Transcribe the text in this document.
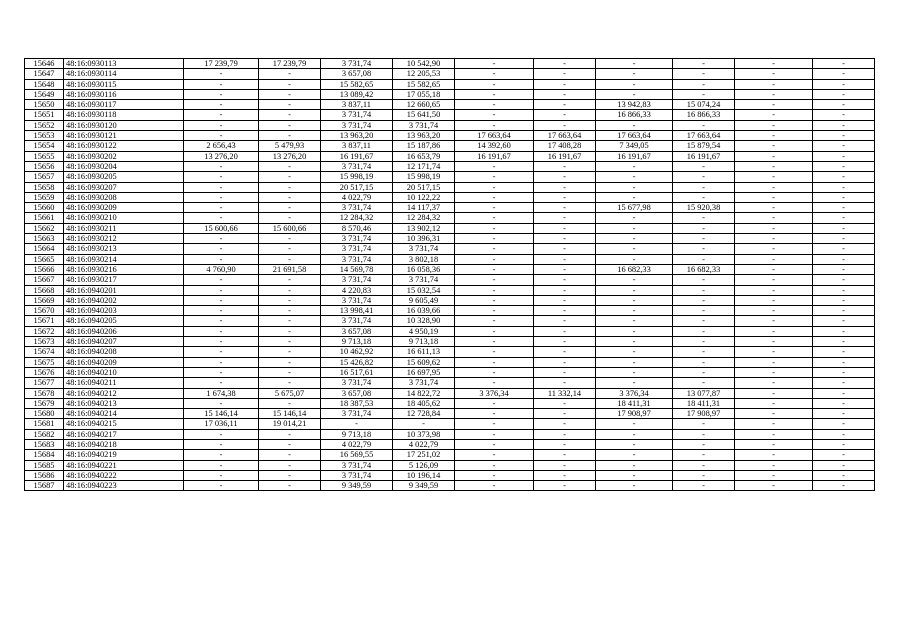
15646	48:16:0930113	17 239,79	17 239,79	3 731,74	10 542,90	-	-	-	-	-	-
15647	48:16:0930114	-	-	3 657,08	12 205,53	-	-	-	-	-	-
15648	48:16:0930115	-	-	15 582,65	15 582,65	-	-	-	-	-	-
15649	48:16:0930116	-	-	13 089,42	17 055,18	-	-	-	-	-	-
15650	48:16:0930117	-	-	3 837,11	12 660,65	-	-	13 942,83	15 074,24	-	-
15651	48:16:0930118	-	-	3 731,74	15 641,50	-	-	16 866,33	16 866,33	-	-
15652	48:16:0930120	-	-	3 731,74	3 731,74	-	-	-	-	-	-
15653	48:16:0930121	-	-	13 963,20	13 963,20	17 663,64	17 663,64	17 663,64	17 663,64	-	-
15654	48:16:0930122	2 656,43	5 479,93	3 837,11	15 187,86	14 392,60	17 408,28	7 349,05	15 879,54	-	-
15655	48:16:0930202	13 276,20	13 276,20	16 191,67	16 653,79	16 191,67	16 191,67	16 191,67	16 191,67	-	-
15656	48:16:0930204	-	-	3 731,74	12 171,74	-	-	-	-	-	-
15657	48:16:0930205	-	-	15 998,19	15 998,19	-	-	-	-	-	-
15658	48:16:0930207	-	-	20 517,15	20 517,15	-	-	-	-	-	-
15659	48:16:0930208	-	-	4 022,79	10 122,22	-	-	-	-	-	-
15660	48:16:0930209	-	-	3 731,74	14 117,37	-	-	15 677,98	15 920,38	-	-
15661	48:16:0930210	-	-	12 284,32	12 284,32	-	-	-	-	-	-
15662	48:16:0930211	15 600,66	15 600,66	8 570,46	13 902,12	-	-	-	-	-	-
15663	48:16:0930212	-	-	3 731,74	10 396,31	-	-	-	-	-	-
15664	48:16:0930213	-	-	3 731,74	3 731,74	-	-	-	-	-	-
15665	48:16:0930214	-	-	3 731,74	3 802,18	-	-	-	-	-	-
15666	48:16:0930216	4 760,90	21 691,58	14 569,78	16 058,36	-	-	16 682,33	16 682,33	-	-
15667	48:16:0930217	-	-	3 731,74	3 731,74	-	-	-	-	-	-
15668	48:16:0940201	-	-	4 220,83	15 032,54	-	-	-	-	-	-
15669	48:16:0940202	-	-	3 731,74	9 605,49	-	-	-	-	-	-
15670	48:16:0940203	-	-	13 998,41	16 039,66	-	-	-	-	-	-
15671	48:16:0940205	-	-	3 731,74	10 328,90	-	-	-	-	-	-
15672	48:16:0940206	-	-	3 657,08	4 950,19	-	-	-	-	-	-
15673	48:16:0940207	-	-	9 713,18	9 713,18	-	-	-	-	-	-
15674	48:16:0940208	-	-	10 462,92	16 611,13	-	-	-	-	-	-
15675	48:16:0940209	-	-	15 426,82	15 609,62	-	-	-	-	-	-
15676	48:16:0940210	-	-	16 517,61	16 697,95	-	-	-	-	-	-
15677	48:16:0940211	-	-	3 731,74	3 731,74	-	-	-	-	-	-
15678	48:16:0940212	1 674,38	5 675,07	3 657,08	14 822,72	3 376,34	11 332,14	3 376,34	13 077,87	-	-
15679	48:16:0940213	-	-	18 387,53	18 405,62	-	-	18 411,31	18 411,31	-	-
15680	48:16:0940214	15 146,14	15 146,14	3 731,74	12 728,84	-	-	17 908,97	17 908,97	-	-
15681	48:16:0940215	17 036,11	19 014,21	-	-	-	-	-	-	-	-
15682	48:16:0940217	-	-	9 713,18	10 373,98	-	-	-	-	-	-
15683	48:16:0940218	-	-	4 022,79	4 022,79	-	-	-	-	-	-
15684	48:16:0940219	-	-	16 569,55	17 251,02	-	-	-	-	-	-
15685	48:16:0940221	-	-	3 731,74	5 126,09	-	-	-	-	-	-
15686	48:16:0940222	-	-	3 731,74	10 196,14	-	-	-	-	-	-
15687	48:16:0940223	-	-	9 349,59	9 349,59	-	-	-	-	-	-
